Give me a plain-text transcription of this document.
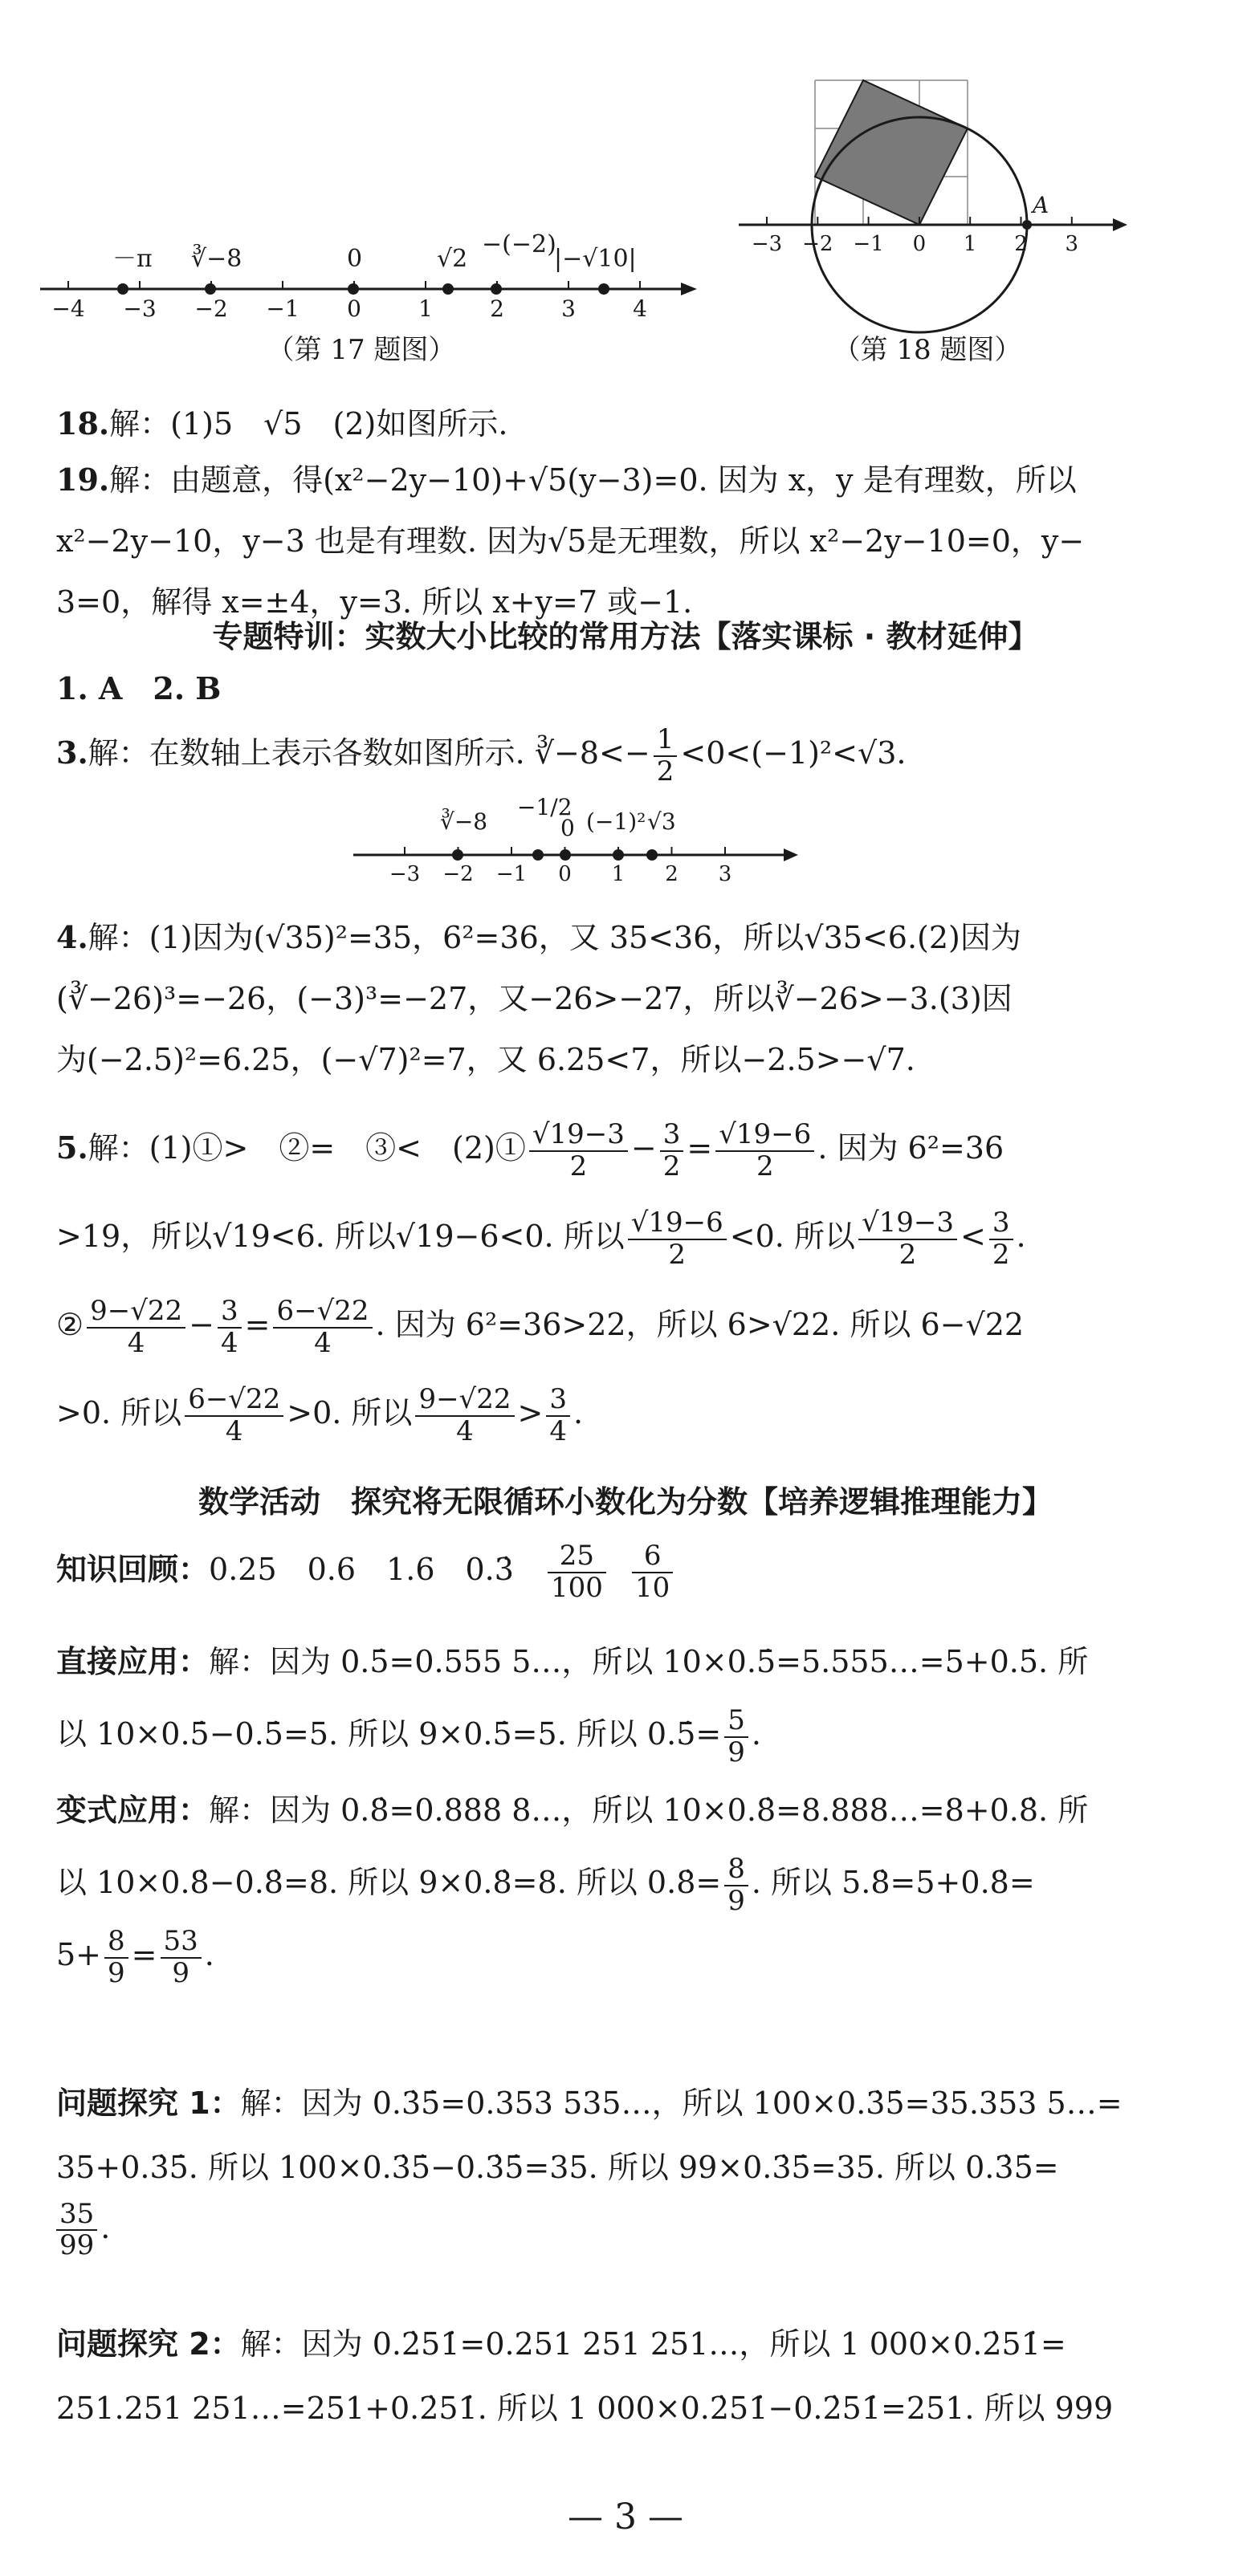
−4 −3 −2 −1 0	1	2	3	4
－π ∛−8	0	√2
−(−2)
|−√10|
（第 17 题图）
−3 −2 −1 0 1 2 3
A
（第 18 题图）
18.解：(1)5　√5　(2)如图所示.
19.解：由题意，得(x²−2y−10)+√5(y−3)=0. 因为 x，y 是有理数，所以
x²−2y−10，y−3 也是有理数. 因为√5是无理数，所以 x²−2y−10=0，y−
3=0，解得 x=±4，y=3. 所以 x+y=7 或−1.
专题特训：实数大小比较的常用方法【落实课标 · 教材延伸】
1. A　2. B
3.解：在数轴上表示各数如图所示. ∛−8<− $\frac{1}{2} <0<(-1)^2<√3$.
−3 −2 −1 0 1 2 3
∛−8
−1/2
0 (−1)² √3
4.解：(1)因为(√35)²=35，6²=36，又 35<36，所以√35<6.(2)因为
(∛−26)³=−26，(−3)³=−27，又−26>−27，所以∛−26>−3.(3)因
为(−2.5)²=6.25，(−√7)²=7，又 6.25<7，所以−2.5>−√7.
5.解：(1)①>　②=　③<　(2)① $\frac{√19-3}{2} - \frac{3}{2} = \frac{√19-6}{2}$ . 因为 6²=36
>19，所以√19<6. 所以√19−6<0. 所以 $\frac{√19-6}{2} <0$. 所以 $\frac{√19-3}{2} < \frac{3}{2}$ .
② $\frac{9-√22}{4} - \frac{3}{4} = \frac{6-√22}{4}$ . 因为 6²=36>22，所以 6>√22. 所以 6−√22
>0. 所以 $\frac{6-√22}{4} >0$. 所以 $\frac{9-√22}{4} > \frac{3}{4}$ .
数学活动　探究将无限循环小数化为分数【培养逻辑推理能力】
知识回顾：0.25　0.6　1.6　0.3̇　 $\frac{25}{100}$
$\frac{6}{10}$
直接应用：解：因为 0.5̇=0.555 5…，所以 10×0.5̇=5.555…=5+0.5̇. 所
以 10×0.5̇−0.5̇=5. 所以 9×0.5̇=5. 所以 0.5̇= $\frac{5}{9}$ .
变式应用：解：因为 0.8̇=0.888 8…，所以 10×0.8̇=8.888…=8+0.8̇. 所
以 10×0.8̇−0.8̇=8. 所以 9×0.8̇=8. 所以 0.8̇= $\frac{8}{9}$ . 所以 5.8̇=5+0.8̇=
$5+ \frac{8}{9} = \frac{53}{9}$ .
问题探究 1：解：因为 0.3̇5̇=0.353 535…，所以 100×0.3̇5̇=35.353 5…=
35+0.3̇5̇. 所以 100×0.3̇5̇−0.3̇5̇=35. 所以 99×0.3̇5̇=35. 所以 0.3̇5̇=
$\frac{35}{99}$ .
问题探究 2：解：因为 0.2̇51̇=0.251 251 251…，所以 1 000×0.2̇51̇=
251.251 251…=251+0.2̇51̇. 所以 1 000×0.2̇51̇−0.2̇51̇=251. 所以 999
— 3 —
